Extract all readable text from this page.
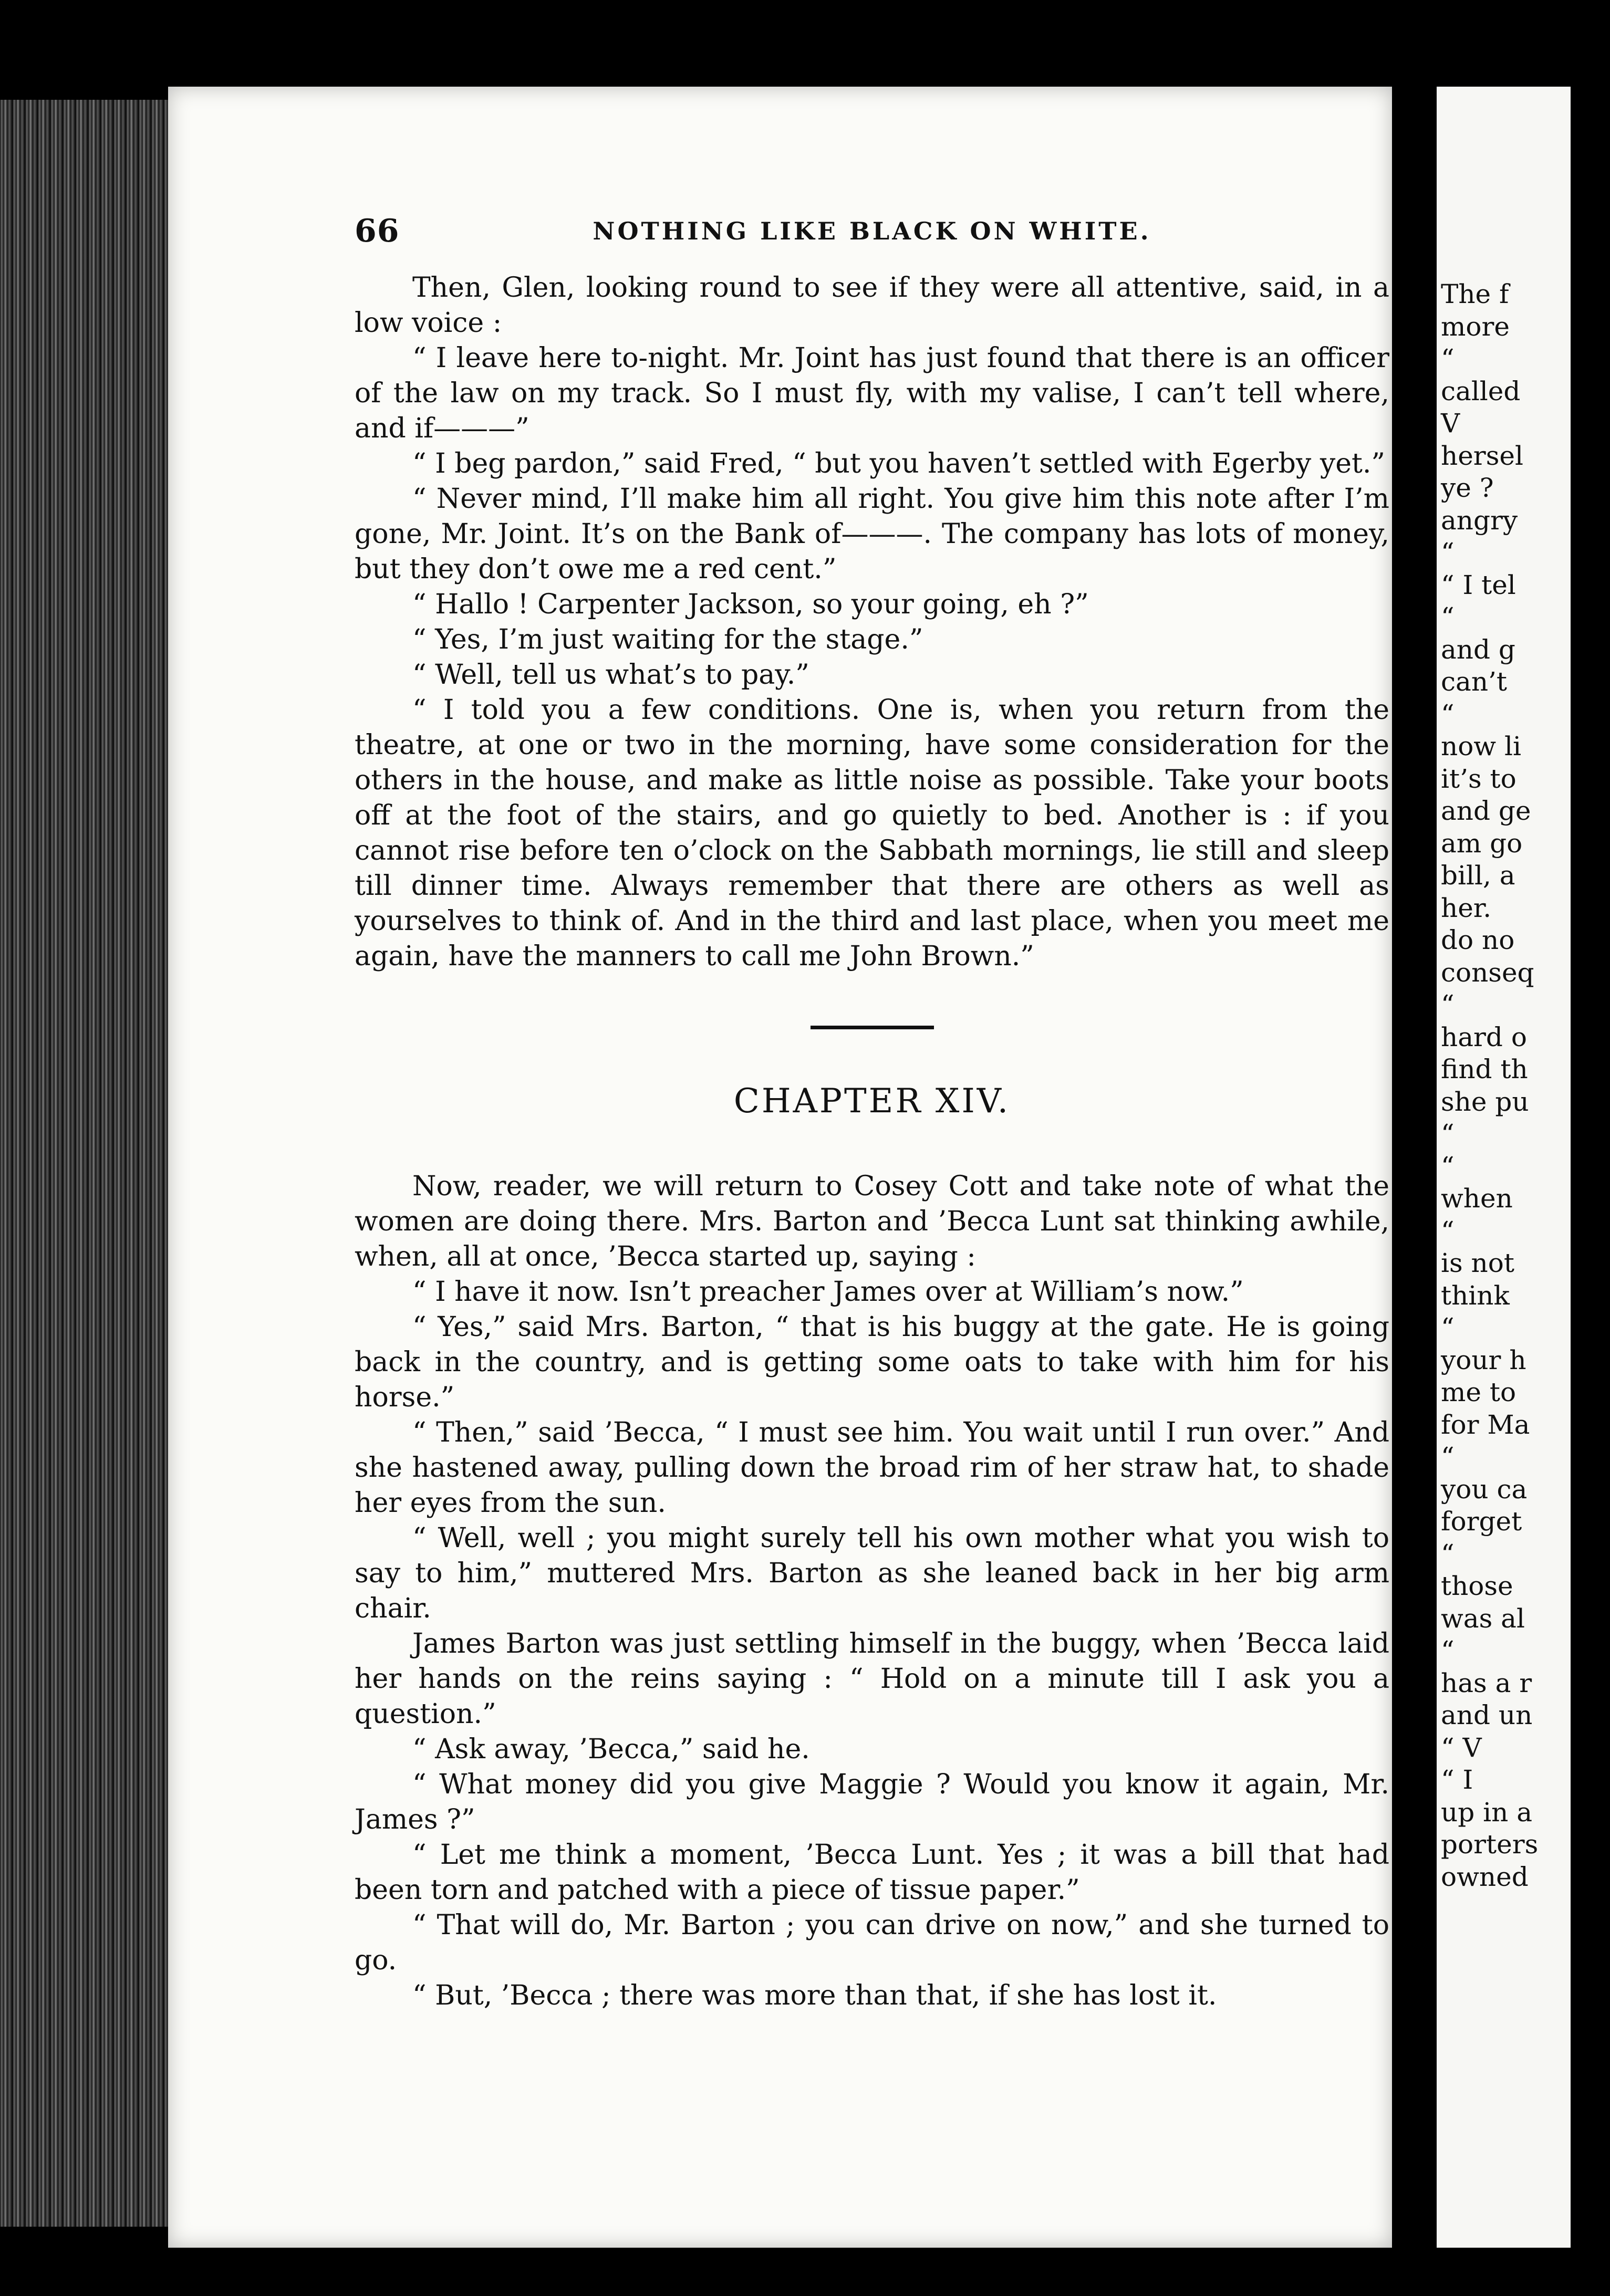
66	NOTHING LIKE BLACK ON WHITE.

Then, Glen, looking round to see if they were all attentive, said, in a low voice :

“ I leave here to-night. Mr. Joint has just found that there is an officer of the law on my track. So I must fly, with my valise, I can’t tell where, and if———”

“ I beg pardon,” said Fred, “ but you haven’t settled with Egerby yet.”

“ Never mind, I’ll make him all right. You give him this note after I’m gone, Mr. Joint. It’s on the Bank of———. The company has lots of money, but they don’t owe me a red cent.”

“ Hallo ! Carpenter Jackson, so your going, eh ?”

“ Yes, I’m just waiting for the stage.”

“ Well, tell us what’s to pay.”

“ I told you a few conditions. One is, when you return from the theatre, at one or two in the morning, have some consideration for the others in the house, and make as little noise as possible. Take your boots off at the foot of the stairs, and go quietly to bed. Another is : if you cannot rise before ten o’clock on the Sabbath mornings, lie still and sleep till dinner time. Always remember that there are others as well as yourselves to think of. And in the third and last place, when you meet me again, have the manners to call me John Brown.”

CHAPTER XIV.

Now, reader, we will return to Cosey Cott and take note of what the women are doing there. Mrs. Barton and ’Becca Lunt sat thinking awhile, when, all at once, ’Becca started up, saying :

“ I have it now. Isn’t preacher James over at William’s now.”

“ Yes,” said Mrs. Barton, “ that is his buggy at the gate. He is going back in the country, and is getting some oats to take with him for his horse.”

“ Then,” said ’Becca, “ I must see him. You wait until I run over.” And she hastened away, pulling down the broad rim of her straw hat, to shade her eyes from the sun.

“ Well, well ; you might surely tell his own mother what you wish to say to him,” muttered Mrs. Barton as she leaned back in her big arm chair.

James Barton was just settling himself in the buggy, when ’Becca laid her hands on the reins saying : “ Hold on a minute till I ask you a question.”

“ Ask away, ’Becca,” said he.

“ What money did you give Maggie ? Would you know it again, Mr. James ?”

“ Let me think a moment, ’Becca Lunt. Yes ; it was a bill that had been torn and patched with a piece of tissue paper.”

“ That will do, Mr. Barton ; you can drive on now,” and she turned to go.

“ But, ’Becca ; there was more than that, if she has lost it.

The f
more
“
called
V
hersel
ye ?
angry
“
“ I tel
“
and g
can’t
“
now li
it’s to
and ge
am go
bill, a
her.
do no
conseq
“
hard o
find th
she pu
“
“
when
“
is not
think
“
your h
me to
for Ma
“
you ca
forget
“
those
was al
“
has a r
and un
“ V
“ I
up in a
porters
owned
